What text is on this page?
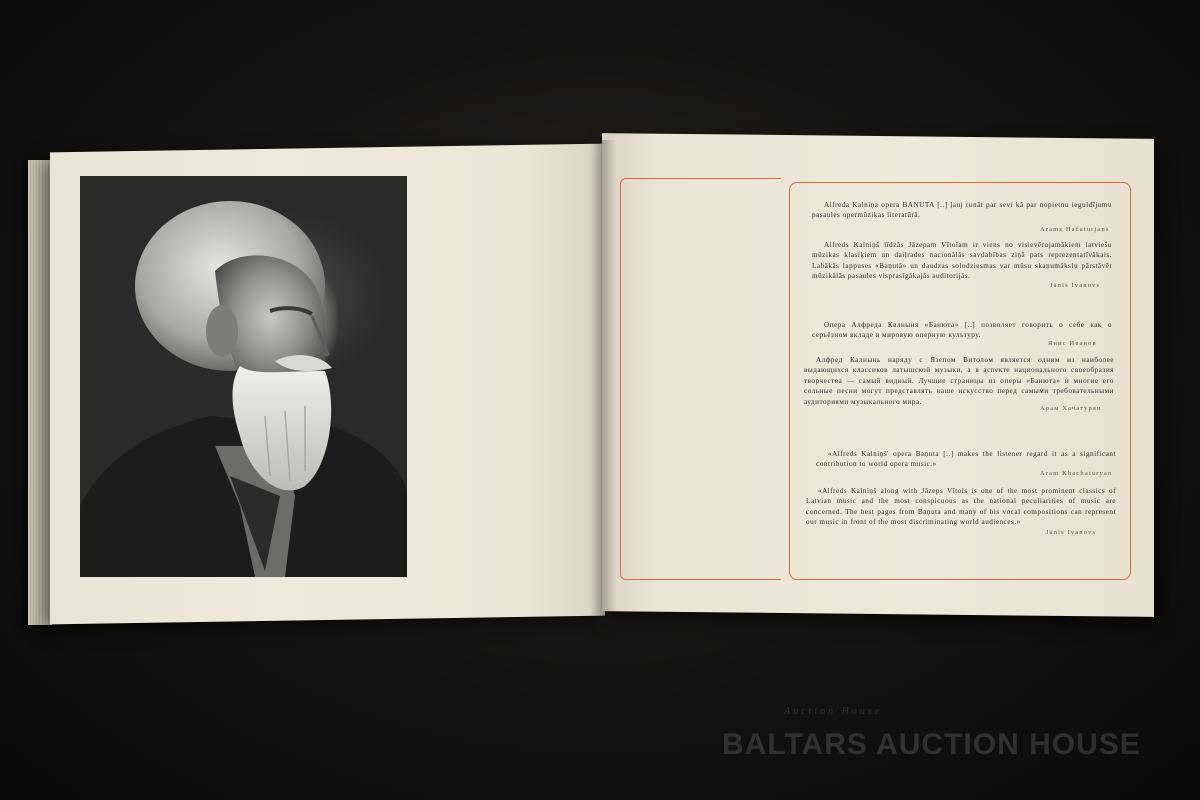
Alfreda Kalniņa opera BANUTA [..] ļauj runāt par sevi kā par nopietnu ieguldījumu pasaules opermūzikas literatūrā.

Arams Hačaturjans

Alfreds Kalniņš līdzās Jāzepam Vītolam ir viens no visievērojamākiem latviešu mūzikas klasiķiem un daiļrades nacionālās savdabības ziņā pats reprezentatīvākais. Labākās lappuses «Baņutā» un daudzas solodziesmas var mūsu skaņumākslu pārstāvēt mūzikālās pasaules visprasīgākajās auditorijās.

Jānis Ivanovs

Опера Алфреда Калныня «Банюта» [..] позволяет говорить о себе как о серьёзном вкладе в мировую оперную культуру.

Янис Иванов

Алфред Калнынь наряду с Язепом Витолом является одним из наиболее выдающихся классиков латышской музыки, а в аспекте национального своеобразия творчества — самый видный. Лучшие страницы из оперы «Банюта» и многие его сольные песни могут представлять наше искусство перед самыми требовательными аудиториями музыкального мира.

Арам Хачатурян

«Alfreds Kalniņš' opera Baņuta [..] makes the listener regard it as a significant contribution to world opera music.»

Aram Khachaturyan

«Alfreds Kalniņš along with Jāzeps Vītols is one of the most prominent classics of Latvian music and the most conspicuous as the national peculiarities of music are concerned. The best pages from Baņuta and many of his vocal compositions can represent our music in front of the most discriminating world audiences.»

Jānis Ivanovs
Auction House
BALTARS AUCTION HOUSE
